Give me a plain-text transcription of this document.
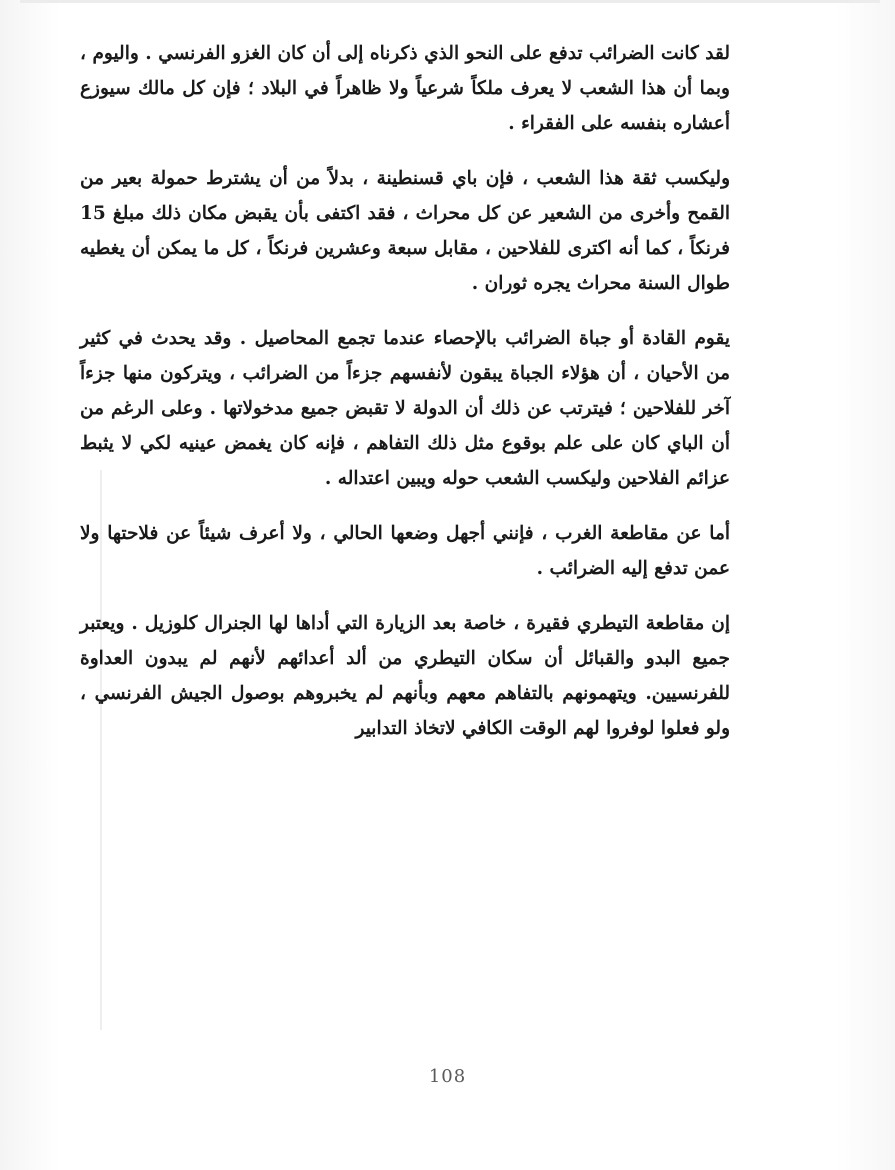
لقد كانت الضرائب تدفع على النحو الذي ذكرناه إلى أن كان الغزو الفرنسي . واليوم ، وبما أن هذا الشعب لا يعرف ملكاً شرعياً ولا ظاهراً في البلاد ؛ فإن كل مالك سيوزع أعشاره بنفسه على الفقراء .

وليكسب ثقة هذا الشعب ، فإن باي قسنطينة ، بدلاً من أن يشترط حمولة بعير من القمح وأخرى من الشعير عن كل محراث ، فقد اكتفى بأن يقبض مكان ذلك مبلغ 15 فرنكاً ، كما أنه اكترى للفلاحين ، مقابل سبعة وعشرين فرنكاً ، كل ما يمكن أن يغطيه طوال السنة محراث يجره ثوران .

يقوم القادة أو جباة الضرائب بالإحصاء عندما تجمع المحاصيل . وقد يحدث في كثير من الأحيان ، أن هؤلاء الجباة يبقون لأنفسهم جزءاً من الضرائب ، ويتركون منها جزءاً آخر للفلاحين ؛ فيترتب عن ذلك أن الدولة لا تقبض جميع مدخولاتها . وعلى الرغم من أن الباي كان على علم بوقوع مثل ذلك التفاهم ، فإنه كان يغمض عينيه لكي لا يثبط عزائم الفلاحين وليكسب الشعب حوله ويبين اعتداله .

أما عن مقاطعة الغرب ، فإنني أجهل وضعها الحالي ، ولا أعرف شيئاً عن فلاحتها ولا عمن تدفع إليه الضرائب .

إن مقاطعة التيطري فقيرة ، خاصة بعد الزيارة التي أداها لها الجنرال كلوزيل . ويعتبر جميع البدو والقبائل أن سكان التيطري من ألد أعدائهم لأنهم لم يبدون العداوة للفرنسيين. ويتهمونهم بالتفاهم معهم وبأنهم لم يخبروهم بوصول الجيش الفرنسي ، ولو فعلوا لوفروا لهم الوقت الكافي لاتخاذ التدابير

108
